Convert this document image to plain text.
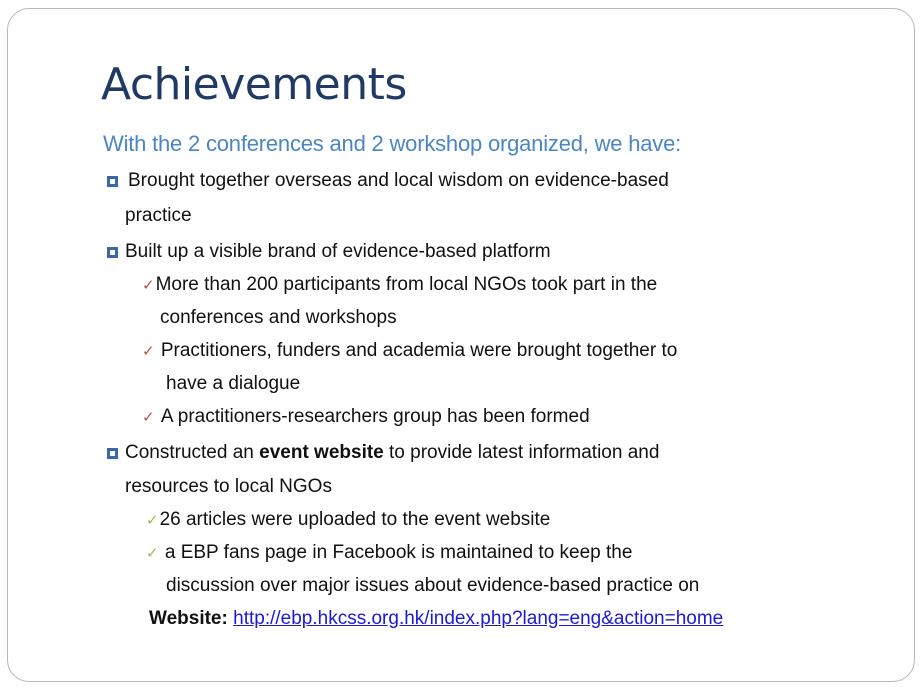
Achievements
With the 2 conferences and 2 workshop organized, we have:
Brought together overseas and local wisdom on evidence-based
practice
Built up a visible brand of evidence-based platform
✓More than 200 participants from local NGOs took part in the
conferences and workshops
✓ Practitioners, funders and academia were brought together to
have a dialogue
✓ A practitioners-researchers group has been formed
Constructed an event website to provide latest information and
resources to local NGOs
✓26 articles were uploaded to the event website
✓ a EBP fans page in Facebook is maintained to keep the
discussion over major issues about evidence-based practice on
Website: http://ebp.hkcss.org.hk/index.php?lang=eng&action=home
